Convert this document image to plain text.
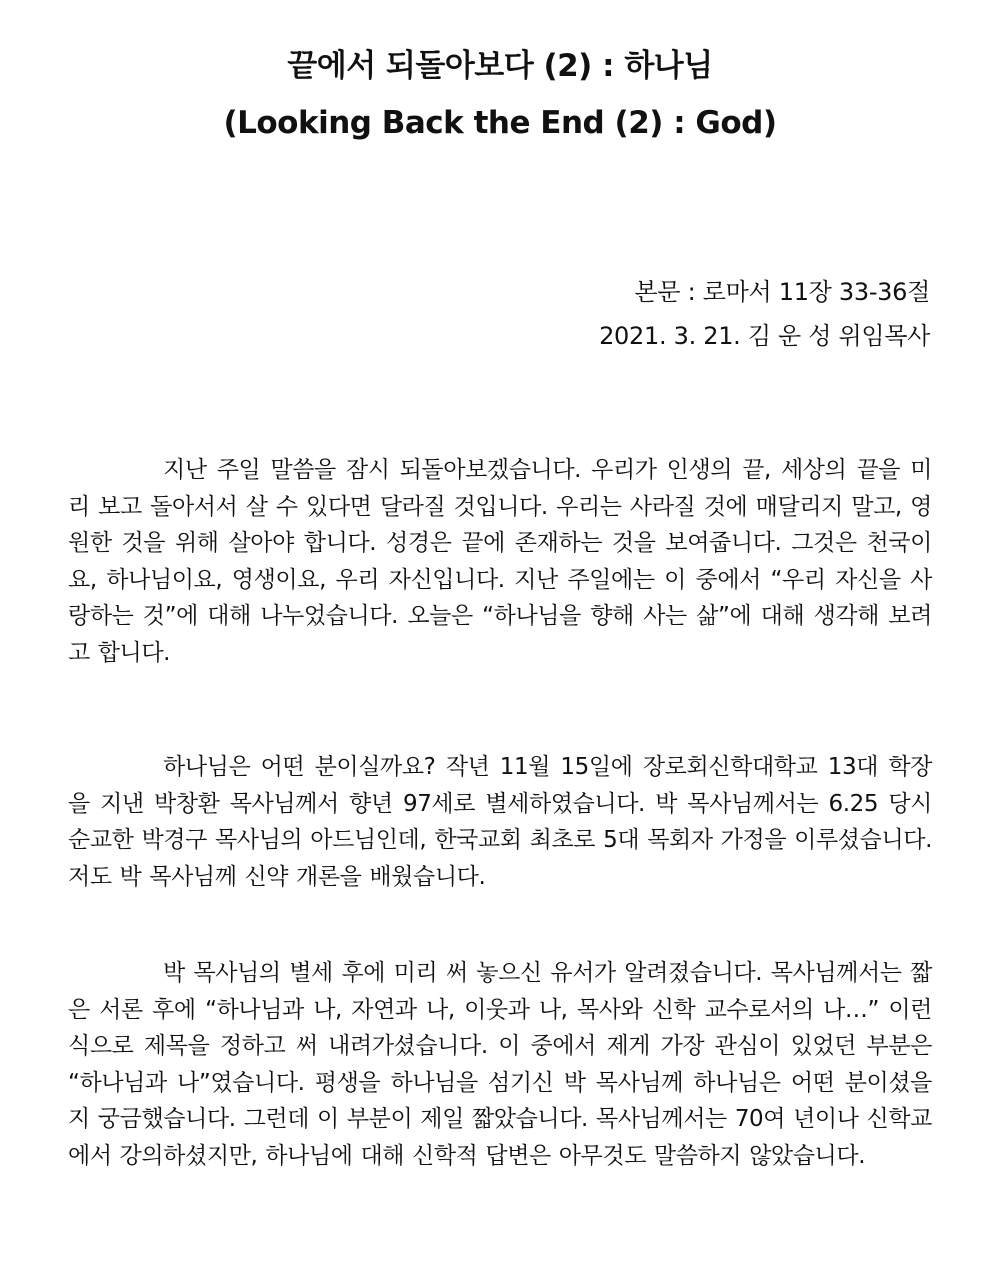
끝에서 되돌아보다 (2) : 하나님
(Looking Back the End (2) : God)

본문 : 로마서 11장 33-36절

2021. 3. 21. 김 운 성 위임목사

지난 주일 말씀을 잠시 되돌아보겠습니다. 우리가 인생의 끝, 세상의 끝을 미리 보고 돌아서서 살 수 있다면 달라질 것입니다. 우리는 사라질 것에 매달리지 말고, 영원한 것을 위해 살아야 합니다. 성경은 끝에 존재하는 것을 보여줍니다. 그것은 천국이요, 하나님이요, 영생이요, 우리 자신입니다. 지난 주일에는 이 중에서 “우리 자신을 사랑하는 것”에 대해 나누었습니다. 오늘은 “하나님을 향해 사는 삶”에 대해 생각해 보려고 합니다.

하나님은 어떤 분이실까요? 작년 11월 15일에 장로회신학대학교 13대 학장을 지낸 박창환 목사님께서 향년 97세로 별세하였습니다. 박 목사님께서는 6.25 당시 순교한 박경구 목사님의 아드님인데, 한국교회 최초로 5대 목회자 가정을 이루셨습니다. 저도 박 목사님께 신약 개론을 배웠습니다.

박 목사님의 별세 후에 미리 써 놓으신 유서가 알려졌습니다. 목사님께서는 짧은 서론 후에 “하나님과 나, 자연과 나, 이웃과 나, 목사와 신학 교수로서의 나…” 이런 식으로 제목을 정하고 써 내려가셨습니다. 이 중에서 제게 가장 관심이 있었던 부분은 “하나님과 나”였습니다. 평생을 하나님을 섬기신 박 목사님께 하나님은 어떤 분이셨을지 궁금했습니다. 그런데 이 부분이 제일 짧았습니다. 목사님께서는 70여 년이나 신학교에서 강의하셨지만, 하나님에 대해 신학적 답변은 아무것도 말씀하지 않았습니다.
